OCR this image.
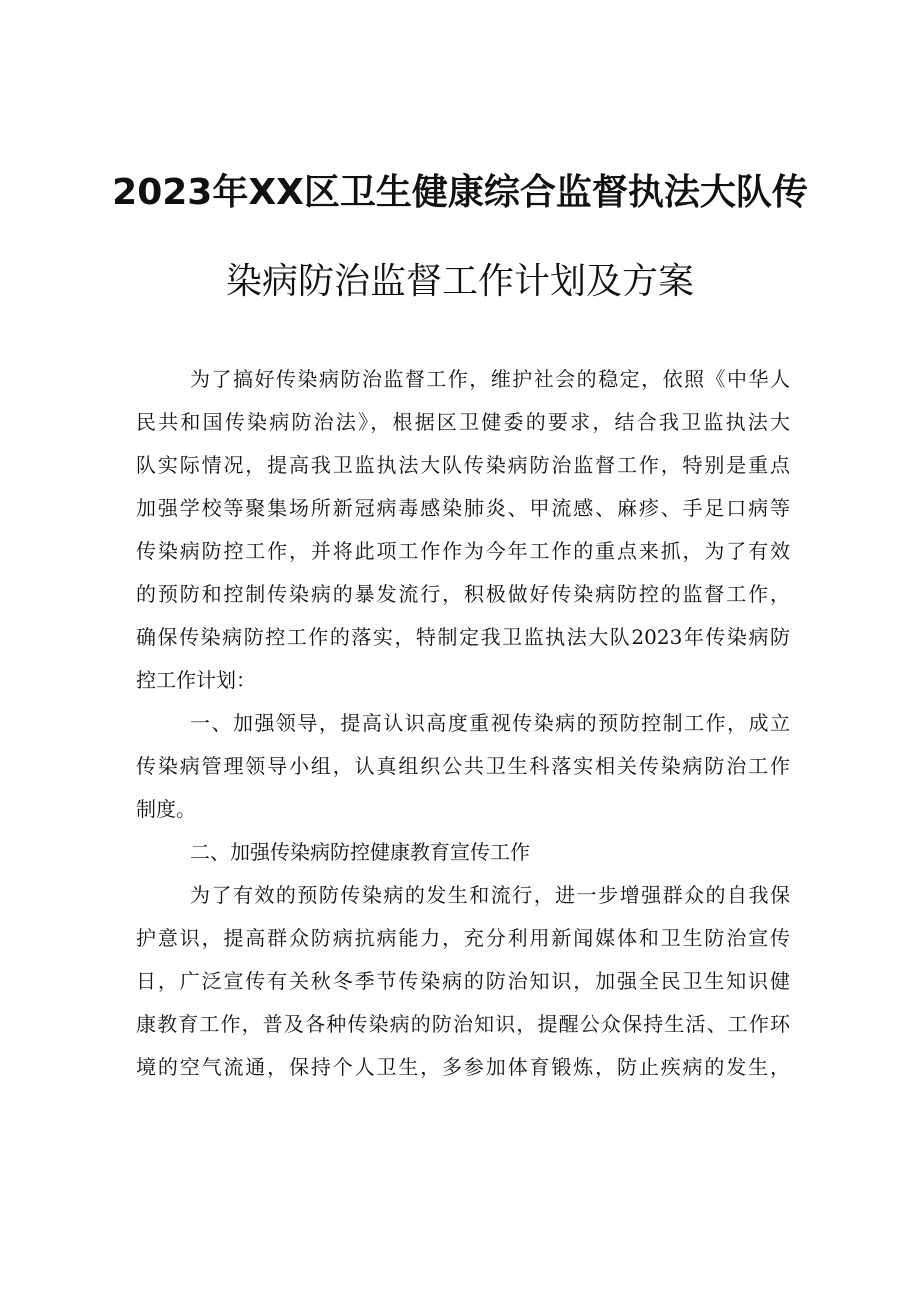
2023年XX区卫生健康综合监督执法大队传
染病防治监督工作计划及方案
为了搞好传染病防治监督工作，维护社会的稳定，依照《中华人
民共和国传染病防治法》，根据区卫健委的要求，结合我卫监执法大
队实际情况，提高我卫监执法大队传染病防治监督工作，特别是重点
加强学校等聚集场所新冠病毒感染肺炎、甲流感、麻疹、手足口病等
传染病防控工作，并将此项工作作为今年工作的重点来抓，为了有效
的预防和控制传染病的暴发流行，积极做好传染病防控的监督工作，
确保传染病防控工作的落实，特制定我卫监执法大队2023年传染病防
控工作计划：
一、加强领导，提高认识高度重视传染病的预防控制工作，成立
传染病管理领导小组，认真组织公共卫生科落实相关传染病防治工作
制度。
二、加强传染病防控健康教育宣传工作
为了有效的预防传染病的发生和流行，进一步增强群众的自我保
护意识，提高群众防病抗病能力，充分利用新闻媒体和卫生防治宣传
日，广泛宣传有关秋冬季节传染病的防治知识，加强全民卫生知识健
康教育工作，普及各种传染病的防治知识，提醒公众保持生活、工作环
境的空气流通，保持个人卫生，多参加体育锻炼，防止疾病的发生，
